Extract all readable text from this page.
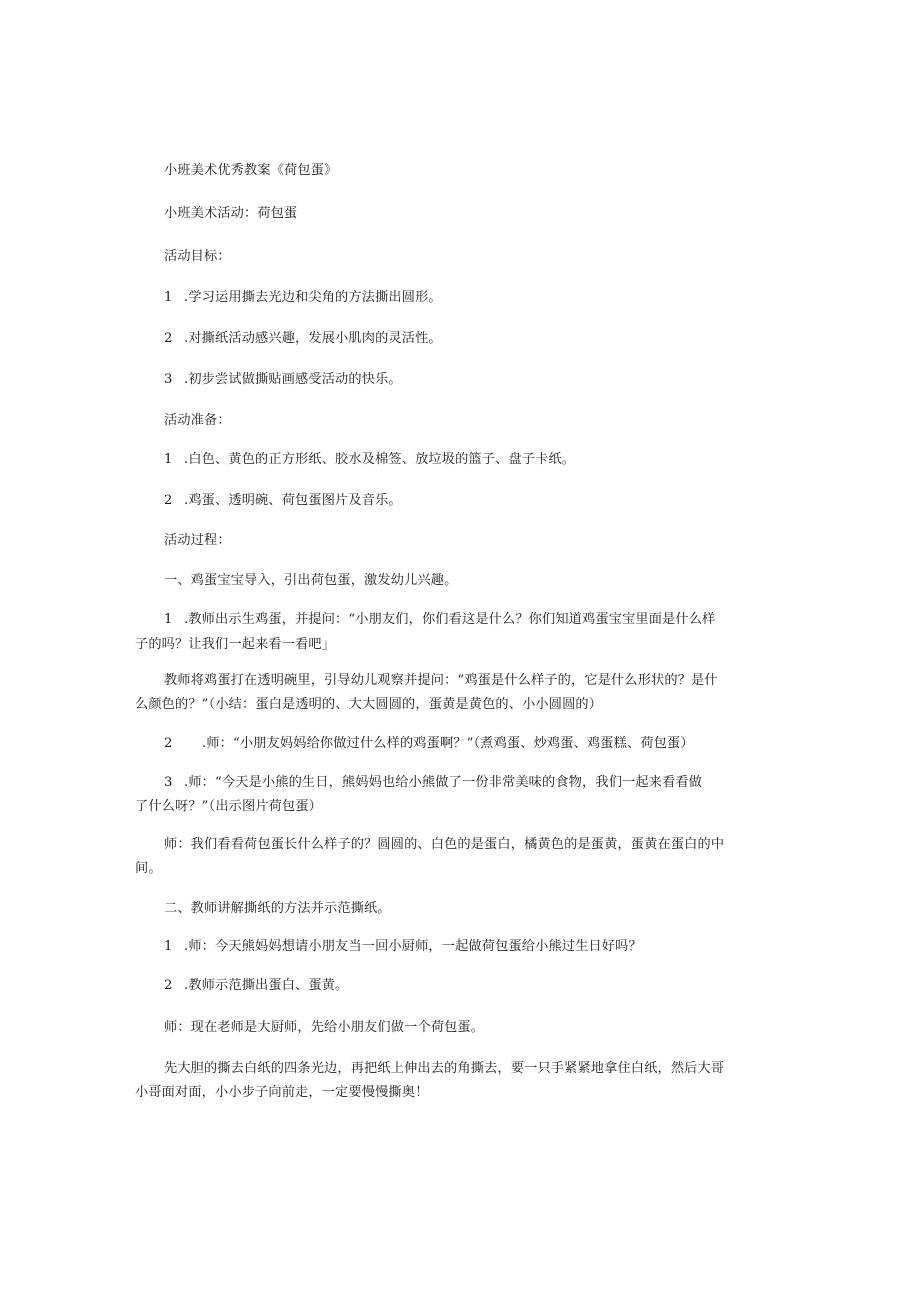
小班美术优秀教案《荷包蛋》

小班美术活动：荷包蛋

活动目标：

1 .学习运用撕去光边和尖角的方法撕出圆形。

2 .对撕纸活动感兴趣，发展小肌肉的灵活性。

3 .初步尝试做撕贴画感受活动的快乐。

活动准备：

1 .白色、黄色的正方形纸、胶水及棉签、放垃圾的篮子、盘子卡纸。

2 .鸡蛋、透明碗、荷包蛋图片及音乐。

活动过程：

一、鸡蛋宝宝导入，引出荷包蛋，激发幼儿兴趣。

1 .教师出示生鸡蛋，并提问：“小朋友们，你们看这是什么？你们知道鸡蛋宝宝里面是什么样

子的吗？让我们一起来看一看吧」

教师将鸡蛋打在透明碗里，引导幼儿观察并提问：“鸡蛋是什么样子的，它是什么形状的？是什

么颜色的？”（小结：蛋白是透明的、大大圆圆的，蛋黄是黄色的、小小圆圆的）

2 .师：“小朋友妈妈给你做过什么样的鸡蛋啊？”（煮鸡蛋、炒鸡蛋、鸡蛋糕、荷包蛋）

3 .师：“今天是小熊的生日，熊妈妈也给小熊做了一份非常美味的食物，我们一起来看看做

了什么呀？”（出示图片荷包蛋）

师：我们看看荷包蛋长什么样子的？圆圆的、白色的是蛋白，橘黄色的是蛋黄，蛋黄在蛋白的中

间。

二、教师讲解撕纸的方法并示范撕纸。

1 .师：今天熊妈妈想请小朋友当一回小厨师，一起做荷包蛋给小熊过生日好吗？

2 .教师示范撕出蛋白、蛋黄。

师：现在老师是大厨师，先给小朋友们做一个荷包蛋。

先大胆的撕去白纸的四条光边，再把纸上伸出去的角撕去，要一只手紧紧地拿住白纸，然后大哥

小哥面对面，小小步子向前走，一定要慢慢撕奥！
